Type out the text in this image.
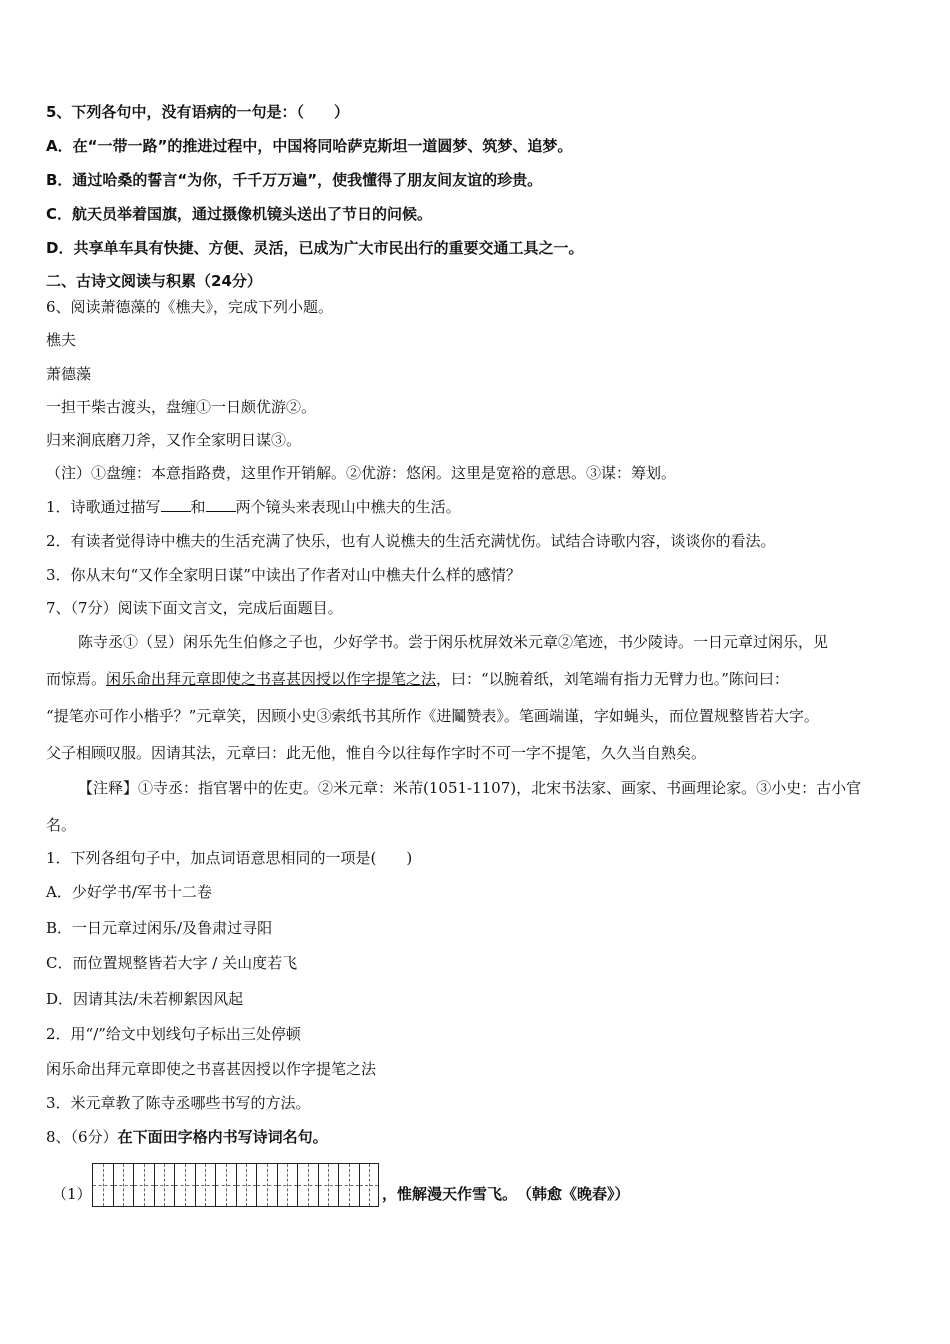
5、下列各句中，没有语病的一句是：（　　）
A．在“一带一路”的推进过程中，中国将同哈萨克斯坦一道圆梦、筑梦、追梦。
B．通过哈桑的誓言“为你，千千万万遍”，使我懂得了朋友间友谊的珍贵。
C．航天员举着国旗，通过摄像机镜头送出了节日的问候。
D．共享单车具有快捷、方便、灵活，已成为广大市民出行的重要交通工具之一。
二、古诗文阅读与积累（24分）
6、阅读萧德藻的《樵夫》，完成下列小题。
樵夫
萧德藻
一担干柴古渡头，盘缠①一日颇优游②。
归来涧底磨刀斧，又作全家明日谋③。
（注）①盘缠：本意指路费，这里作开销解。②优游：悠闲。这里是宽裕的意思。③谋：筹划。
1．诗歌通过描写 和 两个镜头来表现山中樵夫的生活。
2．有读者觉得诗中樵夫的生活充满了快乐，也有人说樵夫的生活充满忧伤。试结合诗歌内容，谈谈你的看法。
3．你从末句“又作全家明日谋”中读出了作者对山中樵夫什么样的感情？
7、（7分）阅读下面文言文，完成后面题目。
陈寺丞①（昱）闲乐先生伯修之子也，少好学书。尝于闲乐枕屏效米元章②笔迹，书少陵诗。一日元章过闲乐，见
而惊焉。闲乐命出拜元章即使之书喜甚因授以作字提笔之法，曰：“以腕着纸，刘笔端有指力无臂力也。”陈问曰：
“提笔亦可作小楷乎？”元章笑，因顾小史③索纸书其所作《进鬮赞表》。笔画端谨，字如蝇头，而位置规整皆若大字。
父子相顾叹服。因请其法，元章曰：此无他，惟自今以往每作字时不可一字不提笔，久久当自熟矣。
【注释】①寺丞：指官署中的佐吏。②米元章：米芾(1051-1107)，北宋书法家、画家、书画理论家。③小史：古小官
名。
1．下列各组句子中，加点词语意思相同的一项是(　　)
A．少好学书/军书十二卷
B．一日元章过闲乐/及鲁肃过寻阳
C．而位置规整皆若大字 / 关山度若飞
D．因请其法/未若柳絮因风起
2．用“/”给文中划线句子标出三处停顿
闲乐命出拜元章即使之书喜甚因授以作字提笔之法
3．米元章教了陈寺丞哪些书写的方法。
8、（6分）在下面田字格内书写诗词名句。
（1）	，惟解漫天作雪飞。　（韩愈《晚春》）
